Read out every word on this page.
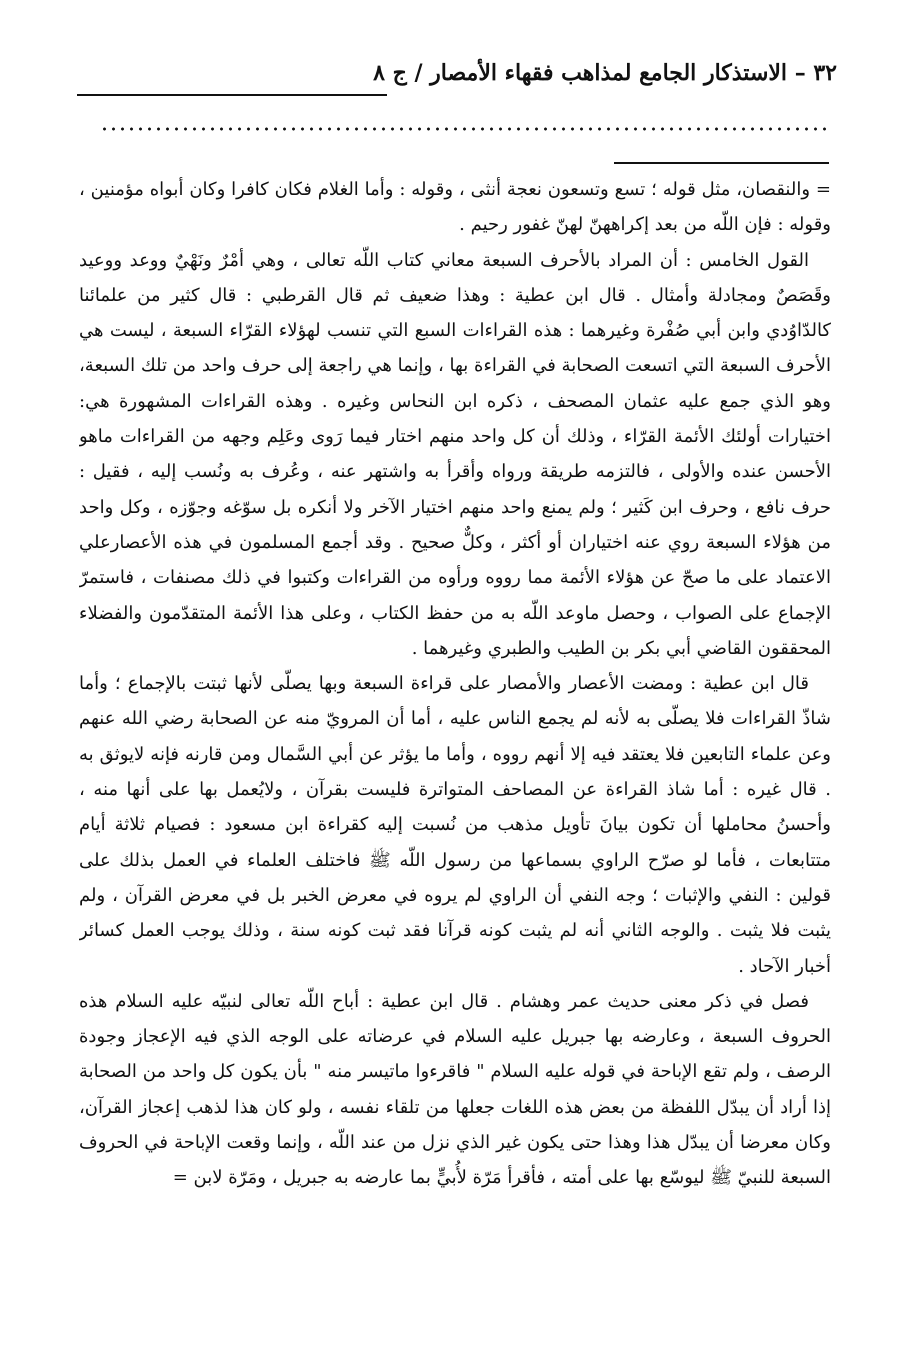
٣٢ – الاستذكار الجامع لمذاهب فقهاء الأمصار / ج ٨

= والنقصان، مثل قوله ؛ تسع وتسعون نعجة أنثى ، وقوله : وأما الغلام فكان كافرا وكان أبواه مؤمنين ، وقوله : فإن اللّه من بعد إكراههنّ لهنّ غفور رحيم .

القول الخامس : أن المراد بالأحرف السبعة معاني كتاب اللّه تعالى ، وهي أمْرٌ ونَهْيٌ ووعد ووعيد وقَصَصٌ ومجادلة وأمثال . قال ابن عطية : وهذا ضعيف ثم قال القرطبي : قال كثير من علمائنا كالدّاوُدي وابن أبي صُفْرة وغيرهما : هذه القراءات السبع التي تنسب لهؤلاء القرّاء السبعة ، ليست هي الأحرف السبعة التي اتسعت الصحابة في القراءة بها ، وإنما هي راجعة إلى حرف واحد من تلك السبعة، وهو الذي جمع عليه عثمان المصحف ، ذكره ابن النحاس وغيره . وهذه القراءات المشهورة هي: اختيارات أولئك الأئمة القرّاء ، وذلك أن كل واحد منهم اختار فيما رَوى وعَلِم وجهه من القراءات ماهو الأحسن عنده والأولى ، فالتزمه طريقة ورواه وأقرأ به واشتهر عنه ، وعُرف به ونُسب إليه ، فقيل : حرف نافع ، وحرف ابن كَثير ؛ ولم يمنع واحد منهم اختيار الآخر ولا أنكره بل سوّغه وجوّزه ، وكل واحد من هؤلاء السبعة روي عنه اختياران أو أكثر ، وكلٌّ صحيح . وقد أجمع المسلمون في هذه الأعصارعلي الاعتماد على ما صحّ عن هؤلاء الأئمة مما رووه ورأوه من القراءات وكتبوا في ذلك مصنفات ، فاستمرّ الإجماع على الصواب ، وحصل ماوعد اللّه به من حفظ الكتاب ، وعلى هذا الأئمة المتقدّمون والفضلاء المحققون القاضي أبي بكر بن الطيب والطبري وغيرهما .

قال ابن عطية : ومضت الأعصار والأمصار على قراءة السبعة وبها يصلّى لأنها ثبتت بالإجماع ؛ وأما شاذّ القراءات فلا يصلّى به لأنه لم يجمع الناس عليه ، أما أن المرويّ منه عن الصحابة رضي الله عنهم وعن علماء التابعين فلا يعتقد فيه إلا أنهم رووه ، وأما ما يؤثر عن أبي السَّمال ومن قارنه فإنه لايوثق به . قال غيره : أما شاذ القراءة عن المصاحف المتواترة فليست بقرآن ، ولايُعمل بها على أنها منه ، وأحسنُ محاملها أن تكون بيانَ تأويل مذهب من نُسبت إليه كقراءة ابن مسعود : فصيام ثلاثة أيام متتابعات ، فأما لو صرّح الراوي بسماعها من رسول اللّه ﷺ فاختلف العلماء في العمل بذلك على قولين : النفي والإثبات ؛ وجه النفي أن الراوي لم يروه في معرض الخبر بل في معرض القرآن ، ولم يثبت فلا يثبت . والوجه الثاني أنه لم يثبت كونه قرآنا فقد ثبت كونه سنة ، وذلك يوجب العمل كسائر أخبار الآحاد .

فصل في ذكر معنى حديث عمر وهشام . قال ابن عطية : أباح اللّه تعالى لنبيّه عليه السلام هذه الحروف السبعة ، وعارضه بها جبريل عليه السلام في عرضاته على الوجه الذي فيه الإعجاز وجودة الرصف ، ولم تقع الإباحة في قوله عليه السلام " فاقرءوا ماتيسر منه " بأن يكون كل واحد من الصحابة إذا أراد أن يبدّل اللفظة من بعض هذه اللغات جعلها من تلقاء نفسه ، ولو كان هذا لذهب إعجاز القرآن، وكان معرضا أن يبدّل هذا وهذا حتى يكون غير الذي نزل من عند اللّه ، وإنما وقعت الإباحة في الحروف السبعة للنبيّ ﷺ ليوسّع بها على أمته ، فأقرأ مَرّة لأُبيٍّ بما عارضه به جبريل ، ومَرّة لابن =
